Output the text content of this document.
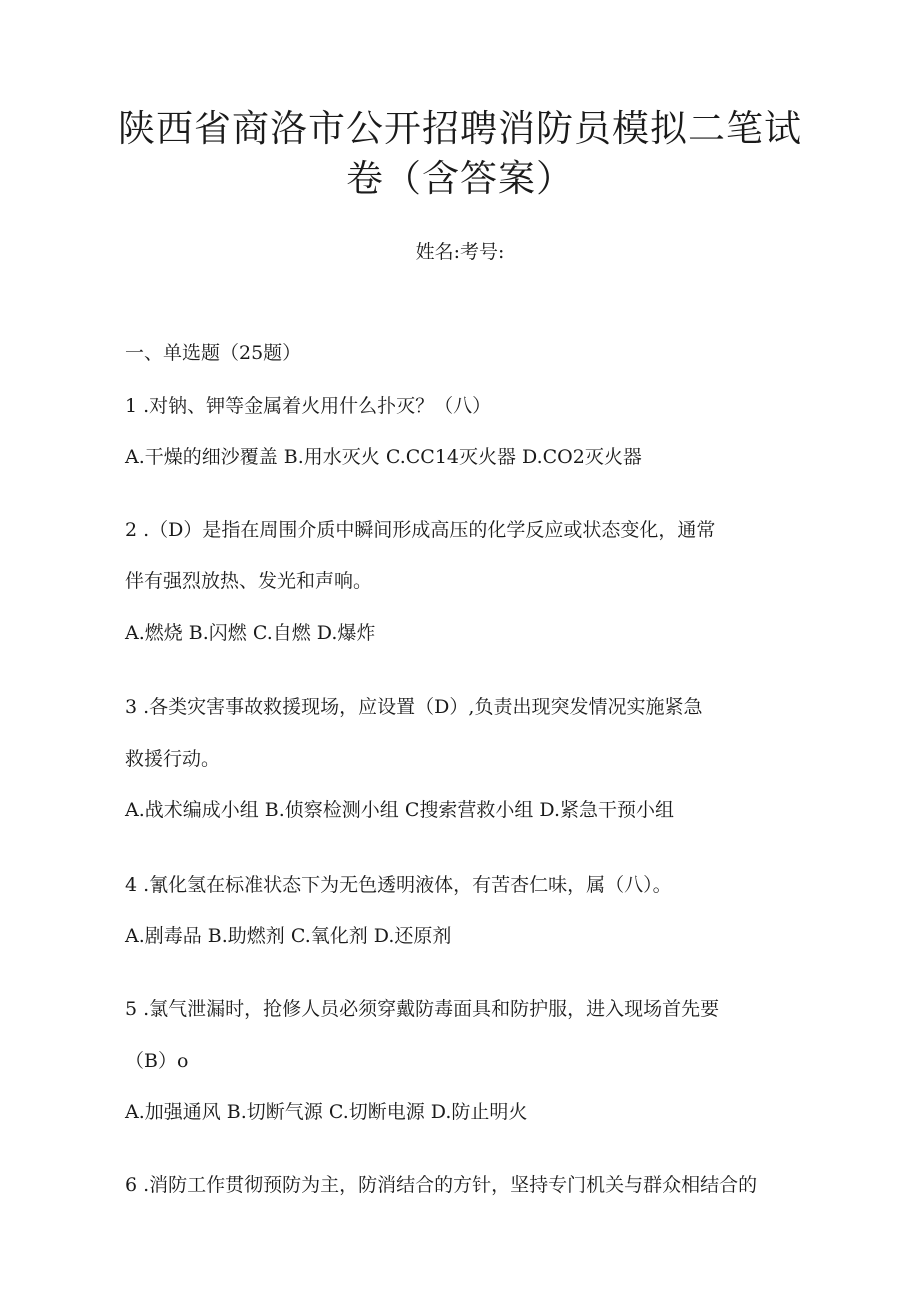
陕西省商洛市公开招聘消防员模拟二笔试
卷（含答案）
姓名:考号:
一、单选题（25题）
1 .对钠、钾等金属着火用什么扑灭？（八）
A.干燥的细沙覆盖 B.用水灭火 C.CC14灭火器 D.CO2灭火器
2 .（D）是指在周围介质中瞬间形成高压的化学反应或状态变化，通常
伴有强烈放热、发光和声响。
A.燃烧 B.闪燃 C.自燃 D.爆炸
3 .各类灾害事故救援现场，应设置（D）,负责出现突发情况实施紧急
救援行动。
A.战术编成小组 B.侦察检测小组 C搜索营救小组 D.紧急干预小组
4 .氰化氢在标准状态下为无色透明液体，有苦杏仁味，属（八）。
A.剧毒品 B.助燃剂 C.氧化剂 D.还原剂
5 .氯气泄漏时，抢修人员必须穿戴防毒面具和防护服，进入现场首先要
（B）o
A.加强通风 B.切断气源 C.切断电源 D.防止明火
6 .消防工作贯彻预防为主，防消结合的方针，坚持专门机关与群众相结合的
